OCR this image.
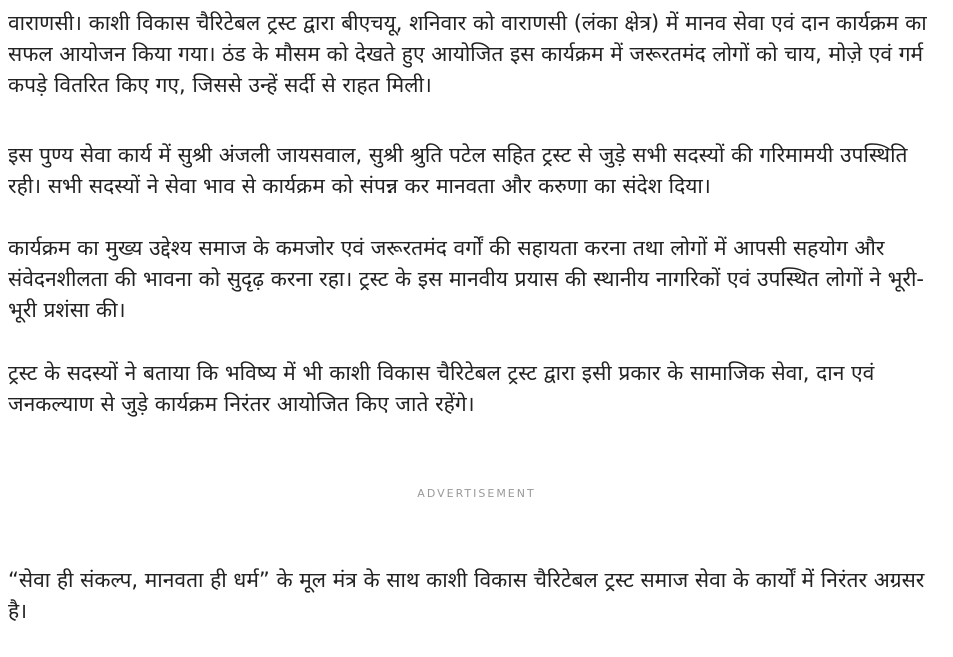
वाराणसी। काशी विकास चैरिटेबल ट्रस्ट द्वारा बीएचयू, शनिवार को वाराणसी (लंका क्षेत्र) में मानव सेवा एवं दान कार्यक्रम का सफल आयोजन किया गया। ठंड के मौसम को देखते हुए आयोजित इस कार्यक्रम में जरूरतमंद लोगों को चाय, मोज़े एवं गर्म कपड़े वितरित किए गए, जिससे उन्हें सर्दी से राहत मिली।

इस पुण्य सेवा कार्य में सुश्री अंजली जायसवाल, सुश्री श्रुति पटेल सहित ट्रस्ट से जुड़े सभी सदस्यों की गरिमामयी उपस्थिति रही। सभी सदस्यों ने सेवा भाव से कार्यक्रम को संपन्न कर मानवता और करुणा का संदेश दिया।

कार्यक्रम का मुख्य उद्देश्य समाज के कमजोर एवं जरूरतमंद वर्गों की सहायता करना तथा लोगों में आपसी सहयोग और संवेदनशीलता की भावना को सुदृढ़ करना रहा। ट्रस्ट के इस मानवीय प्रयास की स्थानीय नागरिकों एवं उपस्थित लोगों ने भूरी-भूरी प्रशंसा की।

ट्रस्ट के सदस्यों ने बताया कि भविष्य में भी काशी विकास चैरिटेबल ट्रस्ट द्वारा इसी प्रकार के सामाजिक सेवा, दान एवं जनकल्याण से जुड़े कार्यक्रम निरंतर आयोजित किए जाते रहेंगे।

“सेवा ही संकल्प, मानवता ही धर्म” के मूल मंत्र के साथ काशी विकास चैरिटेबल ट्रस्ट समाज सेवा के कार्यों में निरंतर अग्रसर है।

ADVERTISEMENT
